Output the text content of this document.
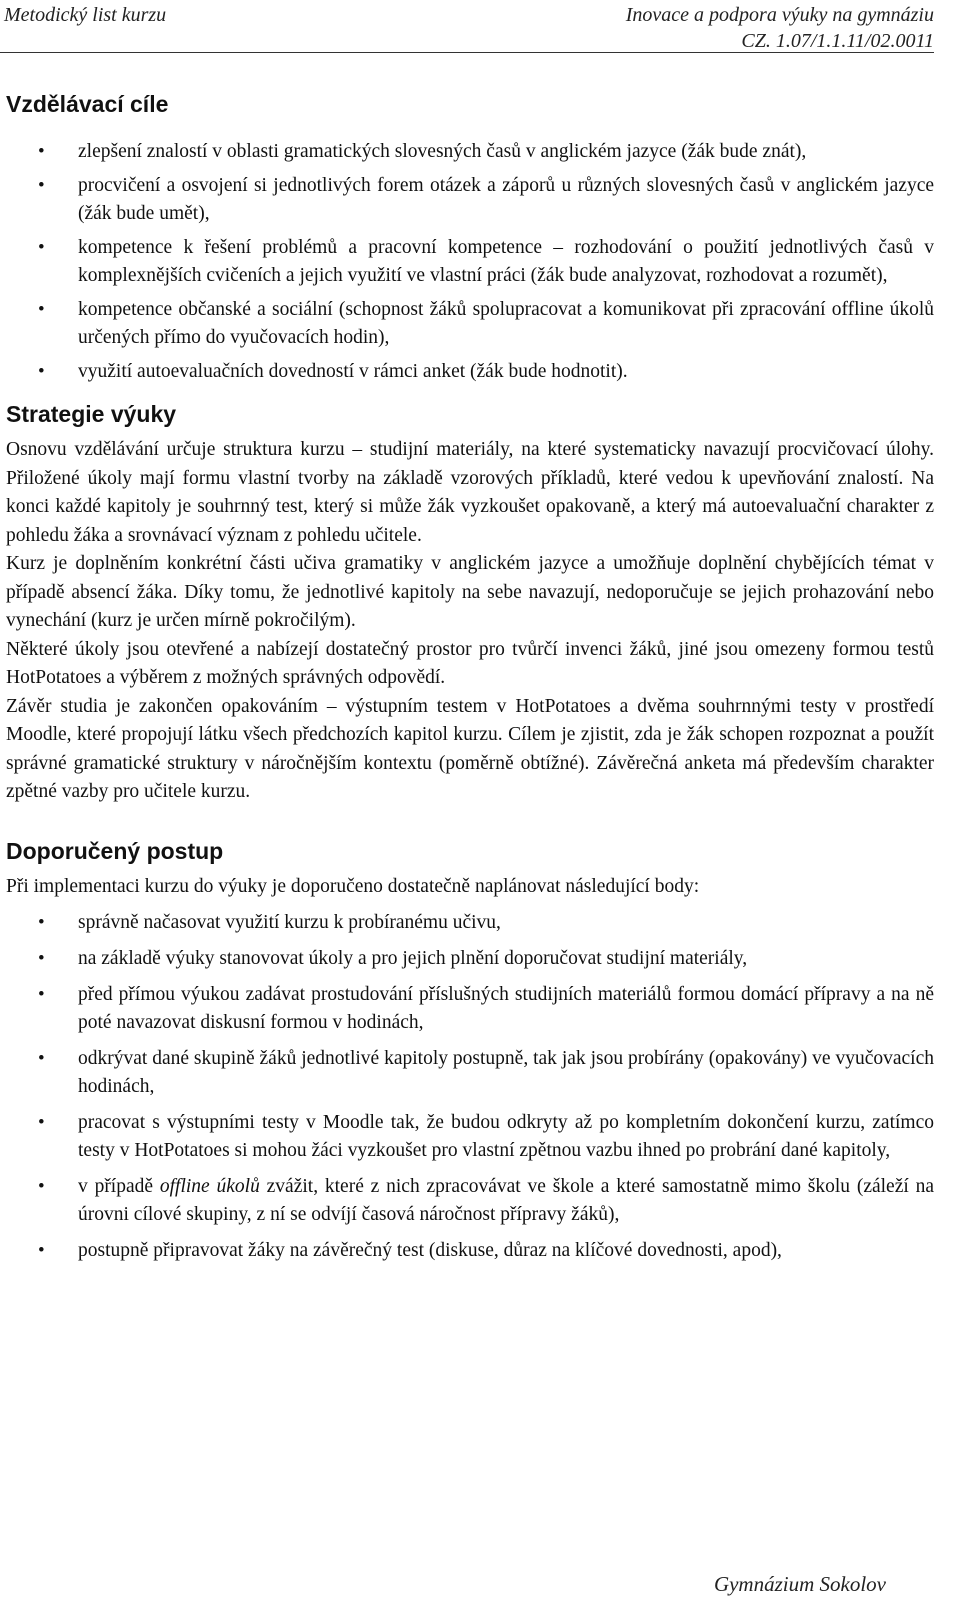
Metodický list kurzu	Inovace a podpora výuky na gymnáziu
CZ. 1.07/1.1.11/02.0011
Vzdělávací cíle
• zlepšení znalostí v oblasti gramatických slovesných časů v anglickém jazyce (žák bude znát),
• procvičení a osvojení si jednotlivých forem otázek a záporů u různých slovesných časů v anglickém jazyce (žák bude umět),
• kompetence k řešení problémů a pracovní kompetence – rozhodování o použití jednotlivých časů v komplexnějších cvičeních a jejich využití ve vlastní práci (žák bude analyzovat, rozhodovat a rozumět),
• kompetence občanské a sociální (schopnost žáků spolupracovat a komunikovat při zpracování offline úkolů určených přímo do vyučovacích hodin),
• využití autoevaluačních dovedností v rámci anket (žák bude hodnotit).
Strategie výuky

Osnovu vzdělávání určuje struktura kurzu – studijní materiály, na které systematicky navazují procvičovací úlohy. Přiložené úkoly mají formu vlastní tvorby na základě vzorových příkladů, které vedou k upevňování znalostí. Na konci každé kapitoly je souhrnný test, který si může žák vyzkoušet opakovaně, a který má autoevaluační charakter z pohledu žáka a srovnávací význam z pohledu učitele.

Kurz je doplněním konkrétní části učiva gramatiky v anglickém jazyce a umožňuje doplnění chybějících témat v případě absencí žáka. Díky tomu, že jednotlivé kapitoly na sebe navazují, nedoporučuje se jejich prohazování nebo vynechání (kurz je určen mírně pokročilým).

Některé úkoly jsou otevřené a nabízejí dostatečný prostor pro tvůrčí invenci žáků, jiné jsou omezeny formou testů HotPotatoes a výběrem z možných správných odpovědí.

Závěr studia je zakončen opakováním – výstupním testem v HotPotatoes a dvěma souhrnnými testy v prostředí Moodle, které propojují látku všech předchozích kapitol kurzu. Cílem je zjistit, zda je žák schopen rozpoznat a použít správné gramatické struktury v náročnějším kontextu (poměrně obtížné). Závěrečná anketa má především charakter zpětné vazby pro učitele kurzu.

Doporučený postup

Při implementaci kurzu do výuky je doporučeno dostatečně naplánovat následující body:

• správně načasovat využití kurzu k probíranému učivu,
• na základě výuky stanovovat úkoly a pro jejich plnění doporučovat studijní materiály,
• před přímou výukou zadávat prostudování příslušných studijních materiálů formou domácí přípravy a na ně poté navazovat diskusní formou v hodinách,
• odkrývat dané skupině žáků jednotlivé kapitoly postupně, tak jak jsou probírány (opakovány) ve vyučovacích hodinách,
• pracovat s výstupními testy v Moodle tak, že budou odkryty až po kompletním dokončení kurzu, zatímco testy v HotPotatoes si mohou žáci vyzkoušet pro vlastní zpětnou vazbu ihned po probrání dané kapitoly,
• v případě offline úkolů zvážit, které z nich zpracovávat ve škole a které samostatně mimo školu (záleží na úrovni cílové skupiny, z ní se odvíjí časová náročnost přípravy žáků),
• postupně připravovat žáky na závěrečný test (diskuse, důraz na klíčové dovednosti, apod),
Gymnázium Sokolov
